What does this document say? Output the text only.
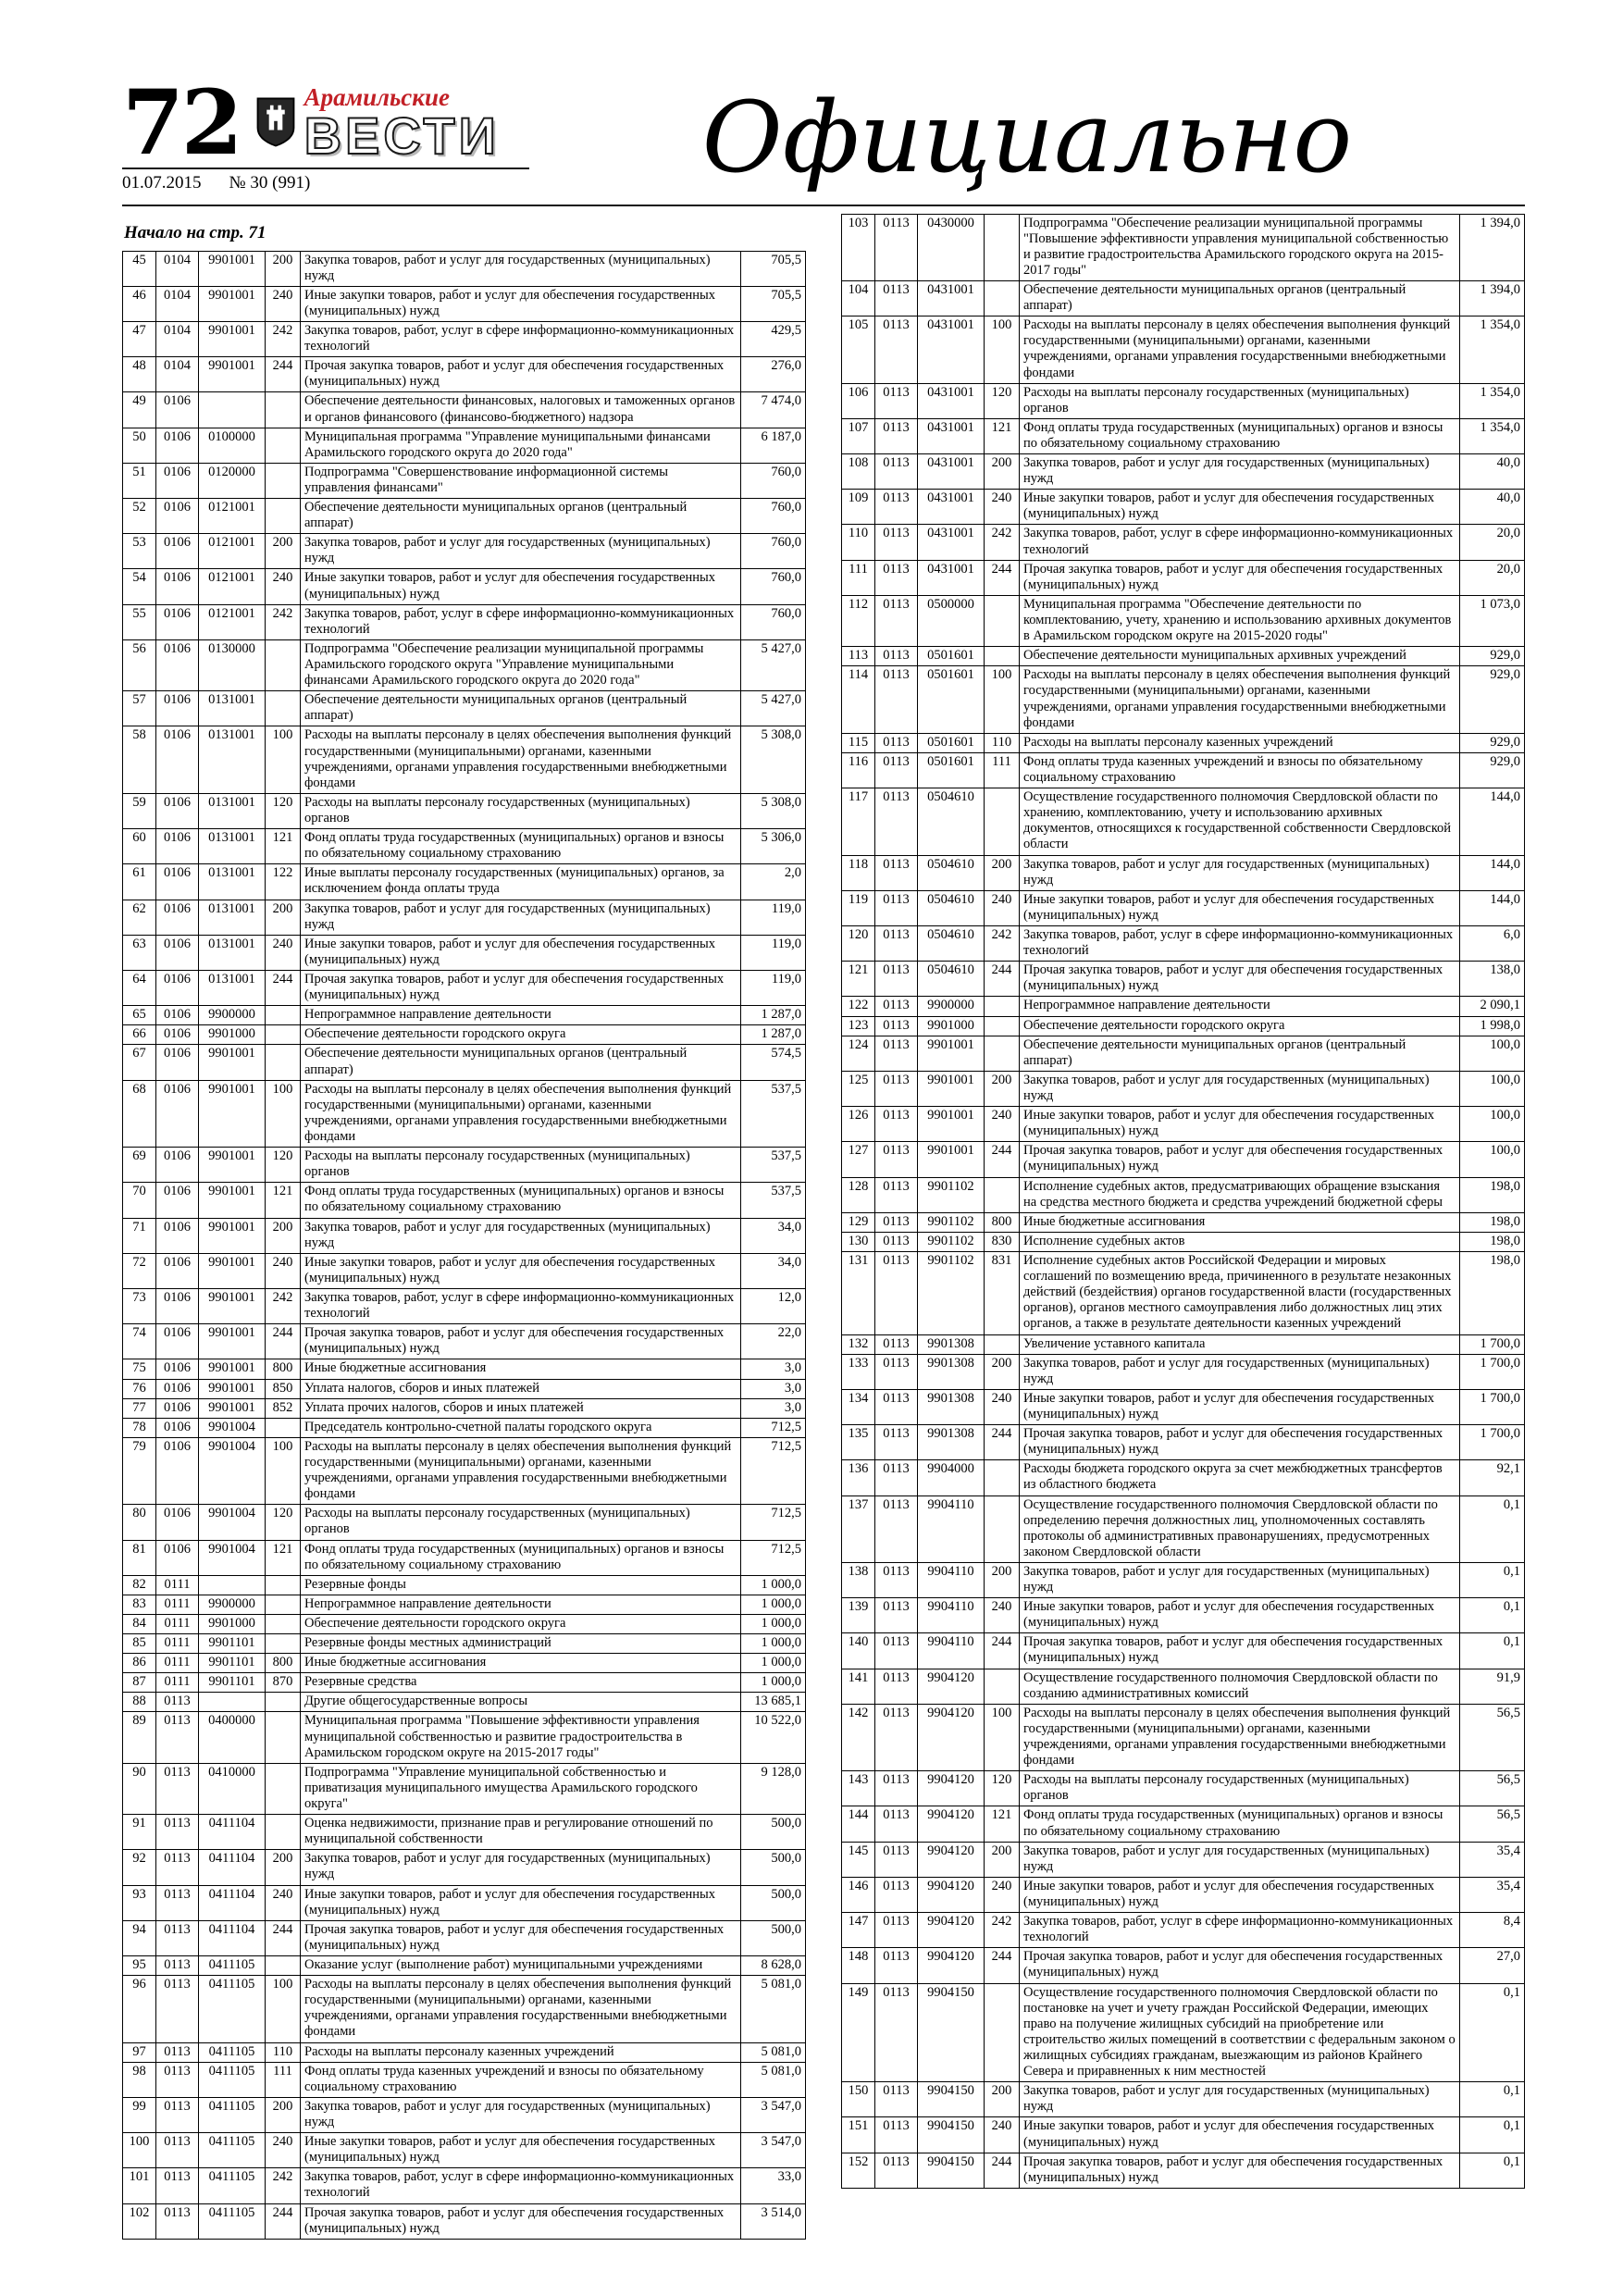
72	Арамильские
ВЕСТИ
01.07.2015 № 30 (991)	Официально
Начало на стр. 71
45	0104	9901001	200	Закупка товаров, работ и услуг для государственных (муниципальных) нужд	705,5
46	0104	9901001	240	Иные закупки товаров, работ и услуг для обеспечения государственных (муниципальных) нужд	705,5
47	0104	9901001	242	Закупка товаров, работ, услуг в сфере информационно-коммуникационных технологий	429,5
48	0104	9901001	244	Прочая закупка товаров, работ и услуг для обеспечения государственных (муниципальных) нужд	276,0
49	0106			Обеспечение деятельности финансовых, налоговых и таможенных органов и органов финансового (финансово-бюджетного) надзора	7 474,0
50	0106	0100000		Муниципальная программа "Управление муниципальными финансами Арамильского городского округа до 2020 года"	6 187,0
51	0106	0120000		Подпрограмма "Совершенствование информационной системы управления финансами"	760,0
52	0106	0121001		Обеспечение деятельности муниципальных органов (центральный аппарат)	760,0
53	0106	0121001	200	Закупка товаров, работ и услуг для государственных (муниципальных) нужд	760,0
54	0106	0121001	240	Иные закупки товаров, работ и услуг для обеспечения государственных (муниципальных) нужд	760,0
55	0106	0121001	242	Закупка товаров, работ, услуг в сфере информационно-коммуникационных технологий	760,0
56	0106	0130000		Подпрограмма "Обеспечение реализации муниципальной программы Арамильского городского округа "Управление муниципальными финансами Арамильского городского округа до 2020 года"	5 427,0
57	0106	0131001		Обеспечение деятельности муниципальных органов (центральный аппарат)	5 427,0
58	0106	0131001	100	Расходы на выплаты персоналу в целях обеспечения выполнения функций государственными (муниципальными) органами, казенными учреждениями, органами управления государственными внебюджетными фондами	5 308,0
59	0106	0131001	120	Расходы на выплаты персоналу государственных (муниципальных) органов	5 308,0
60	0106	0131001	121	Фонд оплаты труда государственных (муниципальных) органов и взносы по обязательному социальному страхованию	5 306,0
61	0106	0131001	122	Иные выплаты персоналу государственных (муниципальных) органов, за исключением фонда оплаты труда	2,0
62	0106	0131001	200	Закупка товаров, работ и услуг для государственных (муниципальных) нужд	119,0
63	0106	0131001	240	Иные закупки товаров, работ и услуг для обеспечения государственных (муниципальных) нужд	119,0
64	0106	0131001	244	Прочая закупка товаров, работ и услуг для обеспечения государственных (муниципальных) нужд	119,0
65	0106	9900000		Непрограммное направление деятельности	1 287,0
66	0106	9901000		Обеспечение деятельности городского округа	1 287,0
67	0106	9901001		Обеспечение деятельности муниципальных органов (центральный аппарат)	574,5
68	0106	9901001	100	Расходы на выплаты персоналу в целях обеспечения выполнения функций государственными (муниципальными) органами, казенными учреждениями, органами управления государственными внебюджетными фондами	537,5
69	0106	9901001	120	Расходы на выплаты персоналу государственных (муниципальных) органов	537,5
70	0106	9901001	121	Фонд оплаты труда государственных (муниципальных) органов и взносы по обязательному социальному страхованию	537,5
71	0106	9901001	200	Закупка товаров, работ и услуг для государственных (муниципальных) нужд	34,0
72	0106	9901001	240	Иные закупки товаров, работ и услуг для обеспечения государственных (муниципальных) нужд	34,0
73	0106	9901001	242	Закупка товаров, работ, услуг в сфере информационно-коммуникационных технологий	12,0
74	0106	9901001	244	Прочая закупка товаров, работ и услуг для обеспечения государственных (муниципальных) нужд	22,0
75	0106	9901001	800	Иные бюджетные ассигнования	3,0
76	0106	9901001	850	Уплата налогов, сборов и иных платежей	3,0
77	0106	9901001	852	Уплата прочих налогов, сборов и иных платежей	3,0
78	0106	9901004		Председатель контрольно-счетной палаты городского округа	712,5
79	0106	9901004	100	Расходы на выплаты персоналу в целях обеспечения выполнения функций государственными (муниципальными) органами, казенными учреждениями, органами управления государственными внебюджетными фондами	712,5
80	0106	9901004	120	Расходы на выплаты персоналу государственных (муниципальных) органов	712,5
81	0106	9901004	121	Фонд оплаты труда государственных (муниципальных) органов и взносы по обязательному социальному страхованию	712,5
82	0111			Резервные фонды	1 000,0
83	0111	9900000		Непрограммное направление деятельности	1 000,0
84	0111	9901000		Обеспечение деятельности городского округа	1 000,0
85	0111	9901101		Резервные фонды местных администраций	1 000,0
86	0111	9901101	800	Иные бюджетные ассигнования	1 000,0
87	0111	9901101	870	Резервные средства	1 000,0
88	0113			Другие общегосударственные вопросы	13 685,1
89	0113	0400000		Муниципальная программа "Повышение эффективности управления муниципальной собственностью и развитие градостроительства в Арамильском городском округе на 2015-2017 годы"	10 522,0
90	0113	0410000		Подпрограмма "Управление муниципальной собственностью и приватизация муниципального имущества Арамильского городского округа"	9 128,0
91	0113	0411104		Оценка недвижимости, признание прав и регулирование отношений по муниципальной собственности	500,0
92	0113	0411104	200	Закупка товаров, работ и услуг для государственных (муниципальных) нужд	500,0
93	0113	0411104	240	Иные закупки товаров, работ и услуг для обеспечения государственных (муниципальных) нужд	500,0
94	0113	0411104	244	Прочая закупка товаров, работ и услуг для обеспечения государственных (муниципальных) нужд	500,0
95	0113	0411105		Оказание услуг (выполнение работ) муниципальными учреждениями	8 628,0
96	0113	0411105	100	Расходы на выплаты персоналу в целях обеспечения выполнения функций государственными (муниципальными) органами, казенными учреждениями, органами управления государственными внебюджетными фондами	5 081,0
97	0113	0411105	110	Расходы на выплаты персоналу казенных учреждений	5 081,0
98	0113	0411105	111	Фонд оплаты труда казенных учреждений и взносы по обязательному социальному страхованию	5 081,0
99	0113	0411105	200	Закупка товаров, работ и услуг для государственных (муниципальных) нужд	3 547,0
100	0113	0411105	240	Иные закупки товаров, работ и услуг для обеспечения государственных (муниципальных) нужд	3 547,0
101	0113	0411105	242	Закупка товаров, работ, услуг в сфере информационно-коммуникационных технологий	33,0
102	0113	0411105	244	Прочая закупка товаров, работ и услуг для обеспечения государственных (муниципальных) нужд	3 514,0
103	0113	0430000		Подпрограмма "Обеспечение реализации муниципальной программы "Повышение эффективности управления муниципальной собственностью и развитие градостроительства Арамильского городского округа на 2015-2017 годы"	1 394,0
104	0113	0431001		Обеспечение деятельности муниципальных органов (центральный аппарат)	1 394,0
105	0113	0431001	100	Расходы на выплаты персоналу в целях обеспечения выполнения функций государственными (муниципальными) органами, казенными учреждениями, органами управления государственными внебюджетными фондами	1 354,0
106	0113	0431001	120	Расходы на выплаты персоналу государственных (муниципальных) органов	1 354,0
107	0113	0431001	121	Фонд оплаты труда государственных (муниципальных) органов и взносы по обязательному социальному страхованию	1 354,0
108	0113	0431001	200	Закупка товаров, работ и услуг для государственных (муниципальных) нужд	40,0
109	0113	0431001	240	Иные закупки товаров, работ и услуг для обеспечения государственных (муниципальных) нужд	40,0
110	0113	0431001	242	Закупка товаров, работ, услуг в сфере информационно-коммуникационных технологий	20,0
111	0113	0431001	244	Прочая закупка товаров, работ и услуг для обеспечения государственных (муниципальных) нужд	20,0
112	0113	0500000		Муниципальная программа "Обеспечение деятельности по комплектованию, учету, хранению и использованию архивных документов в Арамильском городском округе на 2015-2020 годы"	1 073,0
113	0113	0501601		Обеспечение деятельности муниципальных архивных учреждений	929,0
114	0113	0501601	100	Расходы на выплаты персоналу в целях обеспечения выполнения функций государственными (муниципальными) органами, казенными учреждениями, органами управления государственными внебюджетными фондами	929,0
115	0113	0501601	110	Расходы на выплаты персоналу казенных учреждений	929,0
116	0113	0501601	111	Фонд оплаты труда казенных учреждений и взносы по обязательному социальному страхованию	929,0
117	0113	0504610		Осуществление государственного полномочия Свердловской области по хранению, комплектованию, учету и использованию архивных документов, относящихся к государственной собственности Свердловской области	144,0
118	0113	0504610	200	Закупка товаров, работ и услуг для государственных (муниципальных) нужд	144,0
119	0113	0504610	240	Иные закупки товаров, работ и услуг для обеспечения государственных (муниципальных) нужд	144,0
120	0113	0504610	242	Закупка товаров, работ, услуг в сфере информационно-коммуникационных технологий	6,0
121	0113	0504610	244	Прочая закупка товаров, работ и услуг для обеспечения государственных (муниципальных) нужд	138,0
122	0113	9900000		Непрограммное направление деятельности	2 090,1
123	0113	9901000		Обеспечение деятельности городского округа	1 998,0
124	0113	9901001		Обеспечение деятельности муниципальных органов (центральный аппарат)	100,0
125	0113	9901001	200	Закупка товаров, работ и услуг для государственных (муниципальных) нужд	100,0
126	0113	9901001	240	Иные закупки товаров, работ и услуг для обеспечения государственных (муниципальных) нужд	100,0
127	0113	9901001	244	Прочая закупка товаров, работ и услуг для обеспечения государственных (муниципальных) нужд	100,0
128	0113	9901102		Исполнение судебных актов, предусматривающих обращение взыскания на средства местного бюджета и средства учреждений бюджетной сферы	198,0
129	0113	9901102	800	Иные бюджетные ассигнования	198,0
130	0113	9901102	830	Исполнение судебных актов	198,0
131	0113	9901102	831	Исполнение судебных актов Российской Федерации и мировых соглашений по возмещению вреда, причиненного в результате незаконных действий (бездействия) органов государственной власти (государственных органов), органов местного самоуправления либо должностных лиц этих органов, а также в результате деятельности казенных учреждений	198,0
132	0113	9901308		Увеличение уставного капитала	1 700,0
133	0113	9901308	200	Закупка товаров, работ и услуг для государственных (муниципальных) нужд	1 700,0
134	0113	9901308	240	Иные закупки товаров, работ и услуг для обеспечения государственных (муниципальных) нужд	1 700,0
135	0113	9901308	244	Прочая закупка товаров, работ и услуг для обеспечения государственных (муниципальных) нужд	1 700,0
136	0113	9904000		Расходы бюджета городского округа за счет межбюджетных трансфертов из областного бюджета	92,1
137	0113	9904110		Осуществление государственного полномочия Свердловской области по определению перечня должностных лиц, уполномоченных составлять протоколы об административных правонарушениях, предусмотренных законом Свердловской области	0,1
138	0113	9904110	200	Закупка товаров, работ и услуг для государственных (муниципальных) нужд	0,1
139	0113	9904110	240	Иные закупки товаров, работ и услуг для обеспечения государственных (муниципальных) нужд	0,1
140	0113	9904110	244	Прочая закупка товаров, работ и услуг для обеспечения государственных (муниципальных) нужд	0,1
141	0113	9904120		Осуществление государственного полномочия Свердловской области по созданию административных комиссий	91,9
142	0113	9904120	100	Расходы на выплаты персоналу в целях обеспечения выполнения функций государственными (муниципальными) органами, казенными учреждениями, органами управления государственными внебюджетными фондами	56,5
143	0113	9904120	120	Расходы на выплаты персоналу государственных (муниципальных) органов	56,5
144	0113	9904120	121	Фонд оплаты труда государственных (муниципальных) органов и взносы по обязательному социальному страхованию	56,5
145	0113	9904120	200	Закупка товаров, работ и услуг для государственных (муниципальных) нужд	35,4
146	0113	9904120	240	Иные закупки товаров, работ и услуг для обеспечения государственных (муниципальных) нужд	35,4
147	0113	9904120	242	Закупка товаров, работ, услуг в сфере информационно-коммуникационных технологий	8,4
148	0113	9904120	244	Прочая закупка товаров, работ и услуг для обеспечения государственных (муниципальных) нужд	27,0
149	0113	9904150		Осуществление государственного полномочия Свердловской области по постановке на учет и учету граждан Российской Федерации, имеющих право на получение жилищных субсидий на приобретение или строительство жилых помещений в соответствии с федеральным законом о жилищных субсидиях гражданам, выезжающим из районов Крайнего Севера и приравненных к ним местностей	0,1
150	0113	9904150	200	Закупка товаров, работ и услуг для государственных (муниципальных) нужд	0,1
151	0113	9904150	240	Иные закупки товаров, работ и услуг для обеспечения государственных (муниципальных) нужд	0,1
152	0113	9904150	244	Прочая закупка товаров, работ и услуг для обеспечения государственных (муниципальных) нужд	0,1
